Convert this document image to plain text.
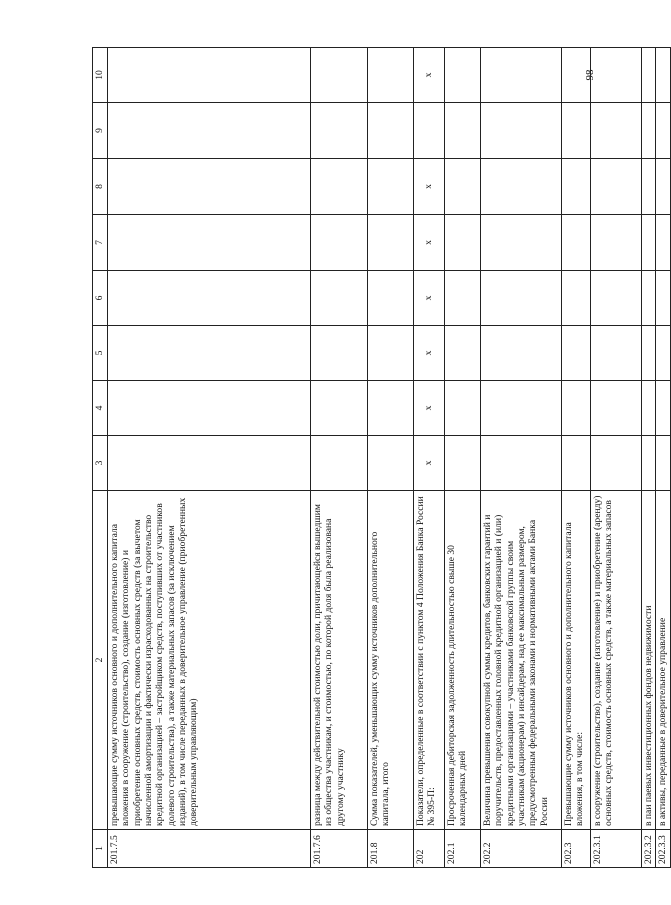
98
1	2	3	4	5	6	7	8	9	10
201.7.5	превышающие сумму источников основного и дополнительного капитала вложения в сооружение (строительство), создание (изготовление) и приобретение основных средств, стоимость основных средств (за вычетом начисленной амортизации и фактически израсходованных на строительство кредитной организацией – застройщиком средств, поступивших от участников долевого строительства), а также материальных запасов (за исключением изданий), в том числе переданных в доверительное управление (приобретенных доверительным управляющим)								
201.7.6	разница между действительной стоимостью доли, причитающейся вышедшим из общества участникам, и стоимостью, по которой доля была реализована другому участнику								
201.8	Сумма показателей, уменьшающих сумму источников дополнительного капитала, итого								
202	Показатели, определенные в соответствии с пунктом 4 Положения Банка России № 395-П:	x	x	x	x	x	x		x
202.1	Просроченная дебиторская задолженность длительностью свыше 30 календарных дней								
202.2	Величина превышения совокупной суммы кредитов, банковских гарантий и поручительств, предоставленных головной кредитной организацией и (или) кредитными организациями – участниками банковской группы своим участникам (акционерам) и инсайдерам, над ее максимальным размером, предусмотренным федеральными законами и нормативными актами Банка России								
202.3	Превышающие сумму источников основного и дополнительного капитала вложения, в том числе:								
202.3.1	в сооружение (строительство), создание (изготовление) и приобретение (аренду) основных средств, стоимость основных средств, а также материальных запасов								
202.3.2	в паи паевых инвестиционных фондов недвижимости								
202.3.3	в активы, переданные в доверительное управление								
